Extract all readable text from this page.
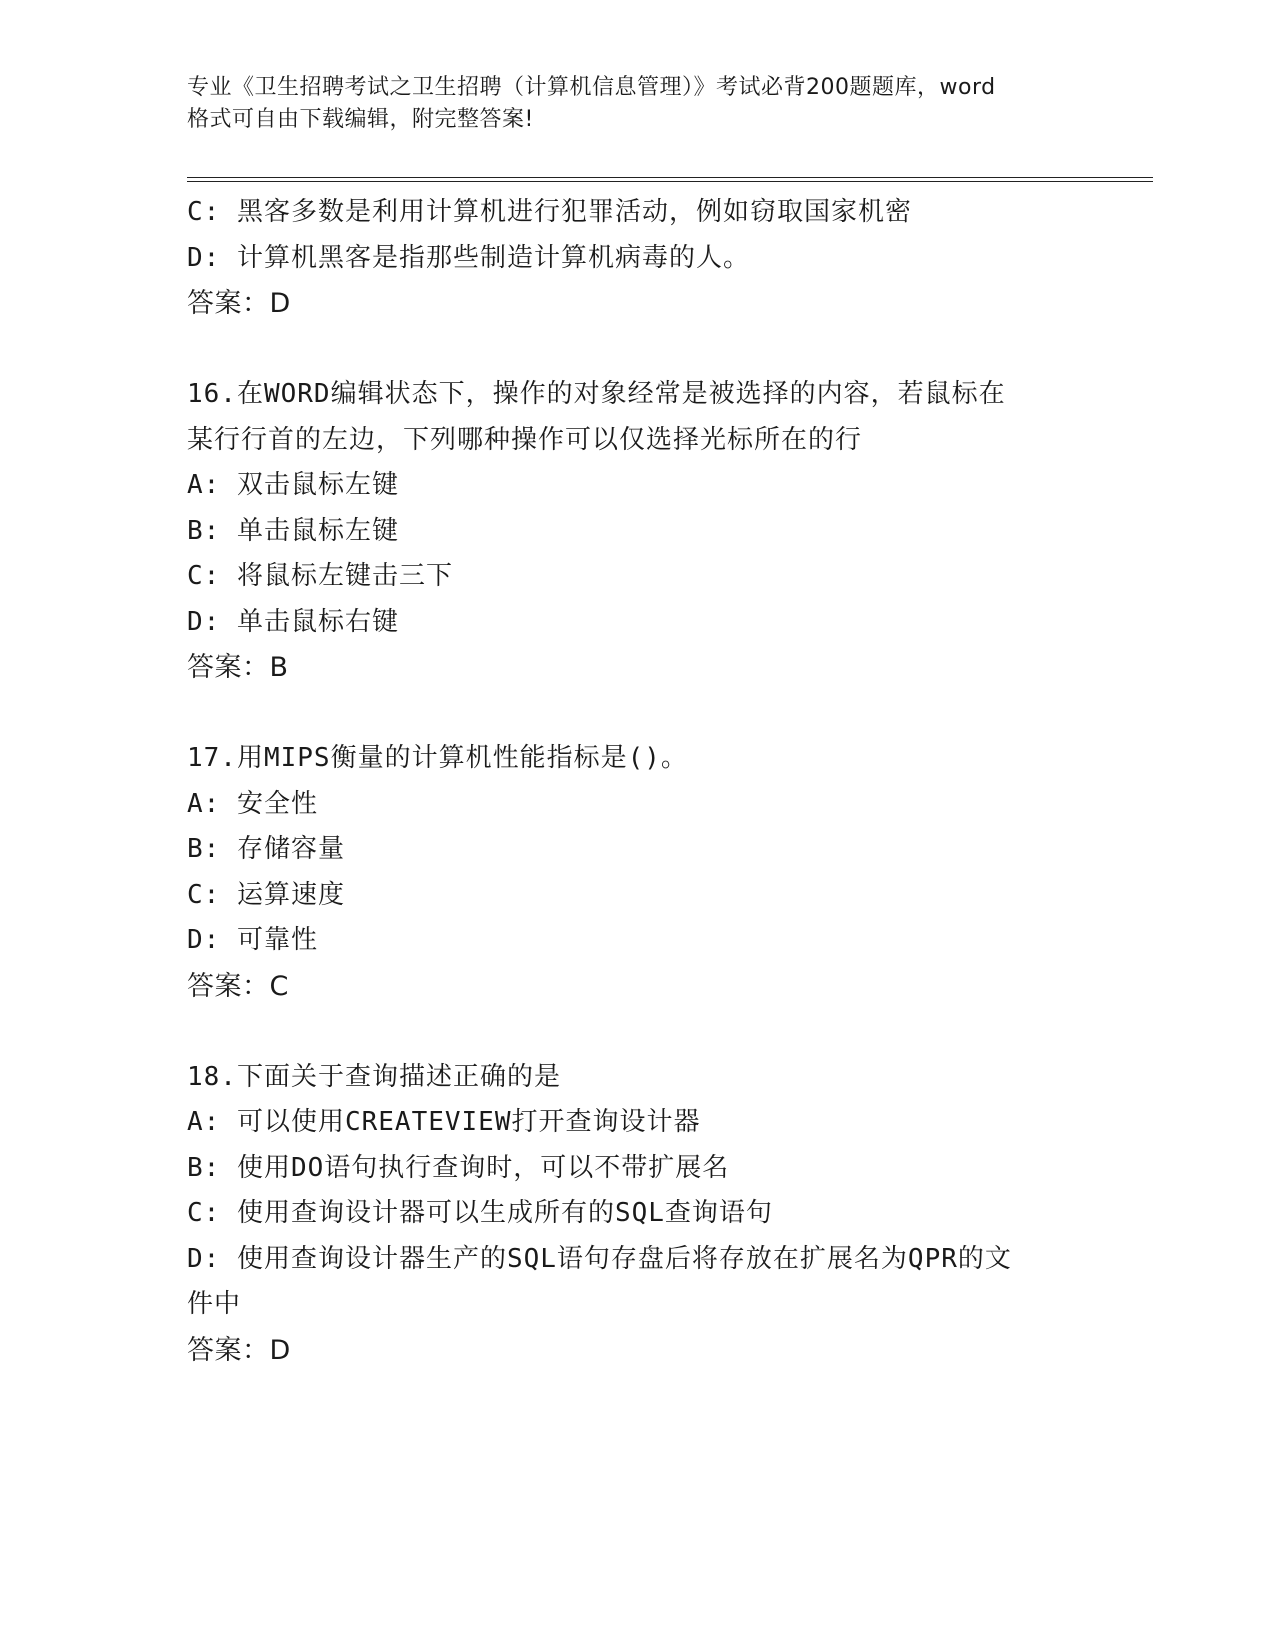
专业《卫生招聘考试之卫生招聘（计算机信息管理）》考试必背200题题库，word
格式可自由下载编辑，附完整答案!
C: 黑客多数是利用计算机进行犯罪活动，例如窃取国家机密
D: 计算机黑客是指那些制造计算机病毒的人。
答案：D
16.在WORD编辑状态下，操作的对象经常是被选择的内容，若鼠标在
某行行首的左边，下列哪种操作可以仅选择光标所在的行
A: 双击鼠标左键
B: 单击鼠标左键
C: 将鼠标左键击三下
D: 单击鼠标右键
答案：B
17.用MIPS衡量的计算机性能指标是()。
A: 安全性
B: 存储容量
C: 运算速度
D: 可靠性
答案：C
18.下面关于查询描述正确的是
A: 可以使用CREATEVIEW打开查询设计器
B: 使用DO语句执行查询时，可以不带扩展名
C: 使用查询设计器可以生成所有的SQL查询语句
D: 使用查询设计器生产的SQL语句存盘后将存放在扩展名为QPR的文
件中
答案：D
